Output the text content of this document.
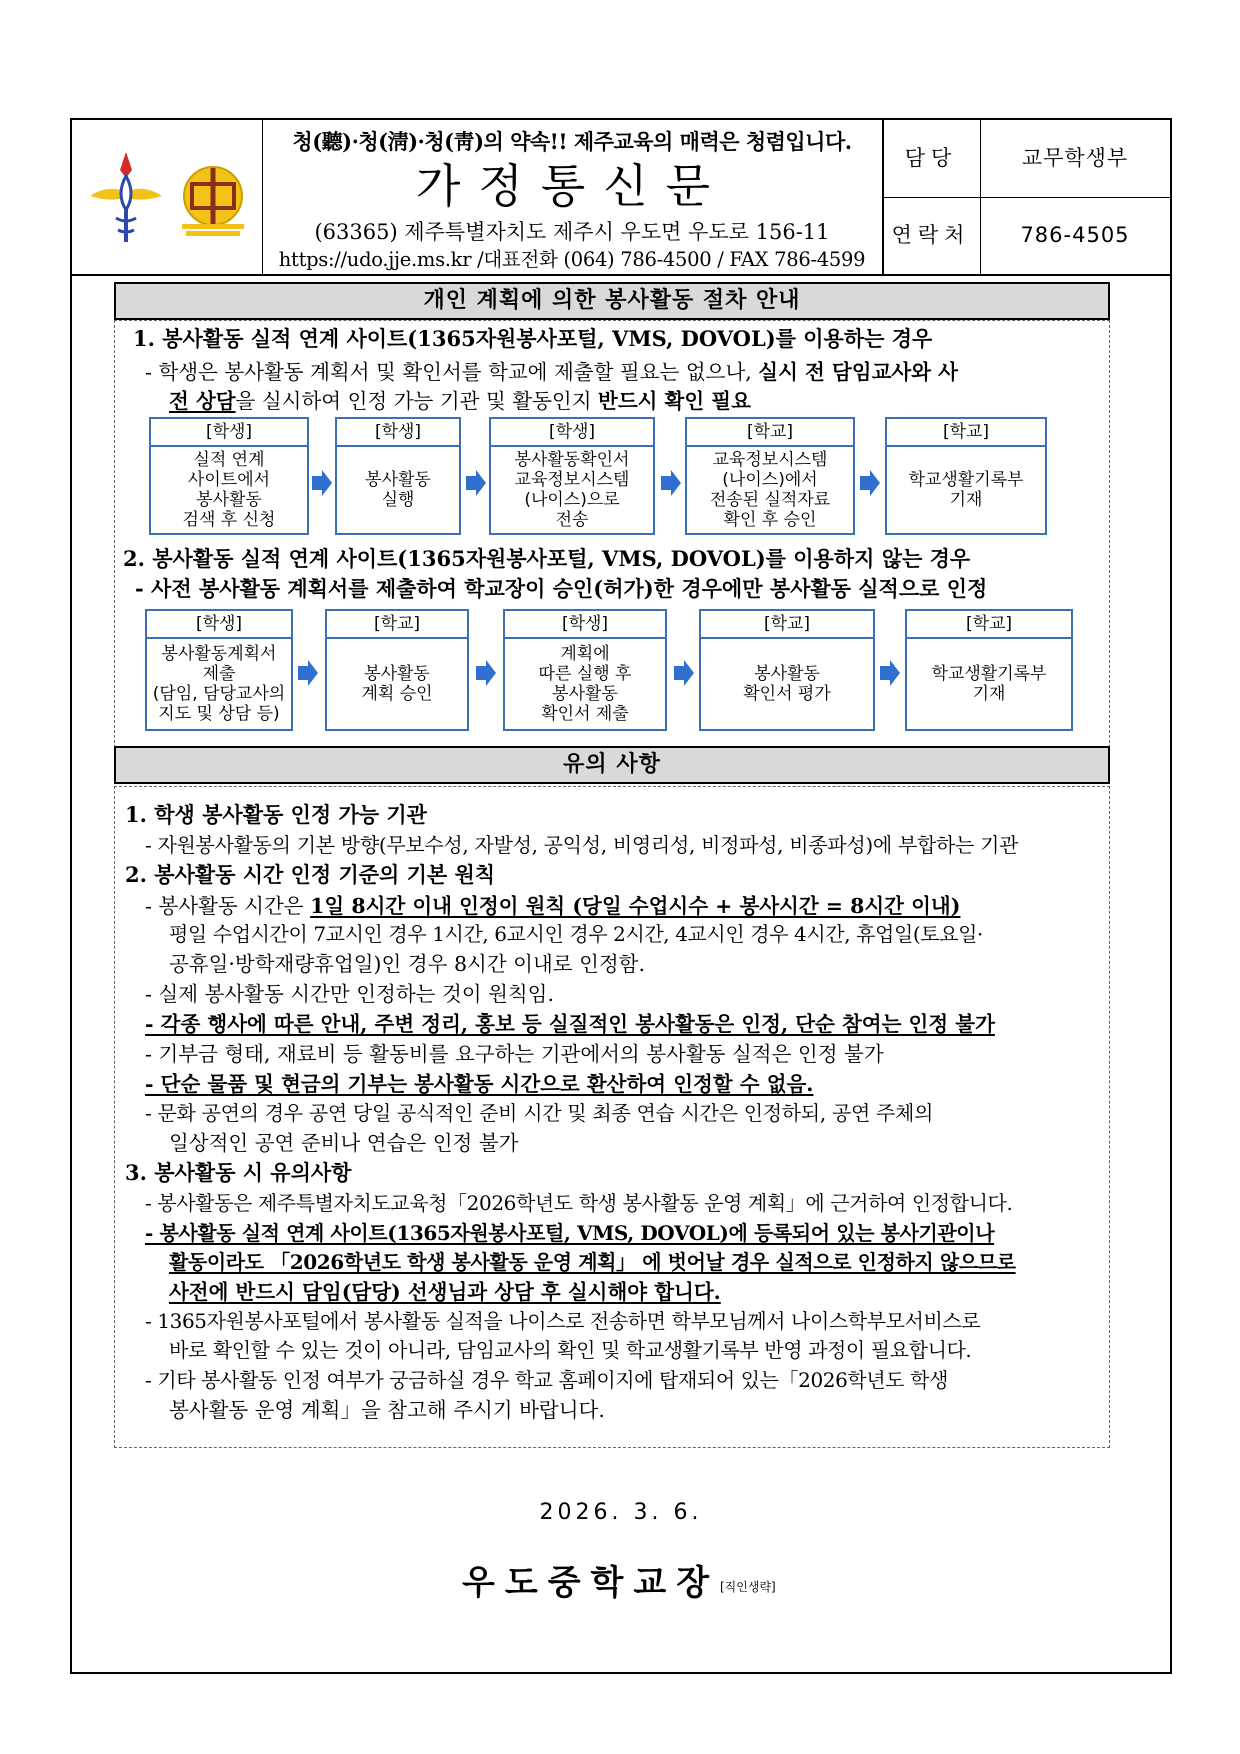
청(聽)·청(淸)·청(靑)의 약속!! 제주교육의 매력은 청렴입니다.
가정통신문
(63365) 제주특별자치도 제주시 우도면 우도로 156-11
https://udo.jje.ms.kr /대표전화 (064) 786-4500 / FAX 786-4599
담당	교무학생부
연락처	786-4505
개인 계획에 의한 봉사활동 절차 안내
1. 봉사활동 실적 연계 사이트(1365자원봉사포털, VMS, DOVOL)를 이용하는 경우
- 학생은 봉사활동 계획서 및 확인서를 학교에 제출할 필요는 없으나, 실시 전 담임교사와 사
전 상담을 실시하여 인정 가능 기관 및 활동인지 반드시 확인 필요
[학생]
실적 연계
사이트에서
봉사활동
검색 후 신청
[학생]
봉사활동
실행
[학생]
봉사활동확인서
교육정보시스템
(나이스)으로
전송
[학교]
교육정보시스템
(나이스)에서
전송된 실적자료
확인 후 승인
[학교]
학교생활기록부
기재
2. 봉사활동 실적 연계 사이트(1365자원봉사포털, VMS, DOVOL)를 이용하지 않는 경우
- 사전 봉사활동 계획서를 제출하여 학교장이 승인(허가)한 경우에만 봉사활동 실적으로 인정
[학생]
봉사활동계획서
제출
(담임, 담당교사의
지도 및 상담 등)
[학교]
봉사활동
계획 승인
[학생]
계획에
따른 실행 후
봉사활동
확인서 제출
[학교]
봉사활동
확인서 평가
[학교]
학교생활기록부
기재
유의 사항
1. 학생 봉사활동 인정 가능 기관
- 자원봉사활동의 기본 방향(무보수성, 자발성, 공익성, 비영리성, 비정파성, 비종파성)에 부합하는 기관
2. 봉사활동 시간 인정 기준의 기본 원칙
- 봉사활동 시간은 1일 8시간 이내 인정이 원칙 (당일 수업시수 + 봉사시간 = 8시간 이내)
평일 수업시간이 7교시인 경우 1시간, 6교시인 경우 2시간, 4교시인 경우 4시간, 휴업일(토요일·
공휴일·방학재량휴업일)인 경우 8시간 이내로 인정함.
- 실제 봉사활동 시간만 인정하는 것이 원칙임.
- 각종 행사에 따른 안내, 주변 정리, 홍보 등 실질적인 봉사활동은 인정, 단순 참여는 인정 불가
- 기부금 형태, 재료비 등 활동비를 요구하는 기관에서의 봉사활동 실적은 인정 불가
- 단순 물품 및 현금의 기부는 봉사활동 시간으로 환산하여 인정할 수 없음.
- 문화 공연의 경우 공연 당일 공식적인 준비 시간 및 최종 연습 시간은 인정하되, 공연 주체의
일상적인 공연 준비나 연습은 인정 불가
3. 봉사활동 시 유의사항
- 봉사활동은 제주특별자치도교육청「2026학년도 학생 봉사활동 운영 계획」에 근거하여 인정합니다.
- 봉사활동 실적 연계 사이트(1365자원봉사포털, VMS, DOVOL)에 등록되어 있는 봉사기관이나
활동이라도 「2026학년도 학생 봉사활동 운영 계획」 에 벗어날 경우 실적으로 인정하지 않으므로
사전에 반드시 담임(담당) 선생님과 상담 후 실시해야 합니다.
- 1365자원봉사포털에서 봉사활동 실적을 나이스로 전송하면 학부모님께서 나이스학부모서비스로
바로 확인할 수 있는 것이 아니라, 담임교사의 확인 및 학교생활기록부 반영 과정이 필요합니다.
- 기타 봉사활동 인정 여부가 궁금하실 경우 학교 홈페이지에 탑재되어 있는「2026학년도 학생
봉사활동 운영 계획」을 참고해 주시기 바랍니다.
2026. 3. 6.
우도중학교장 [직인생략]
